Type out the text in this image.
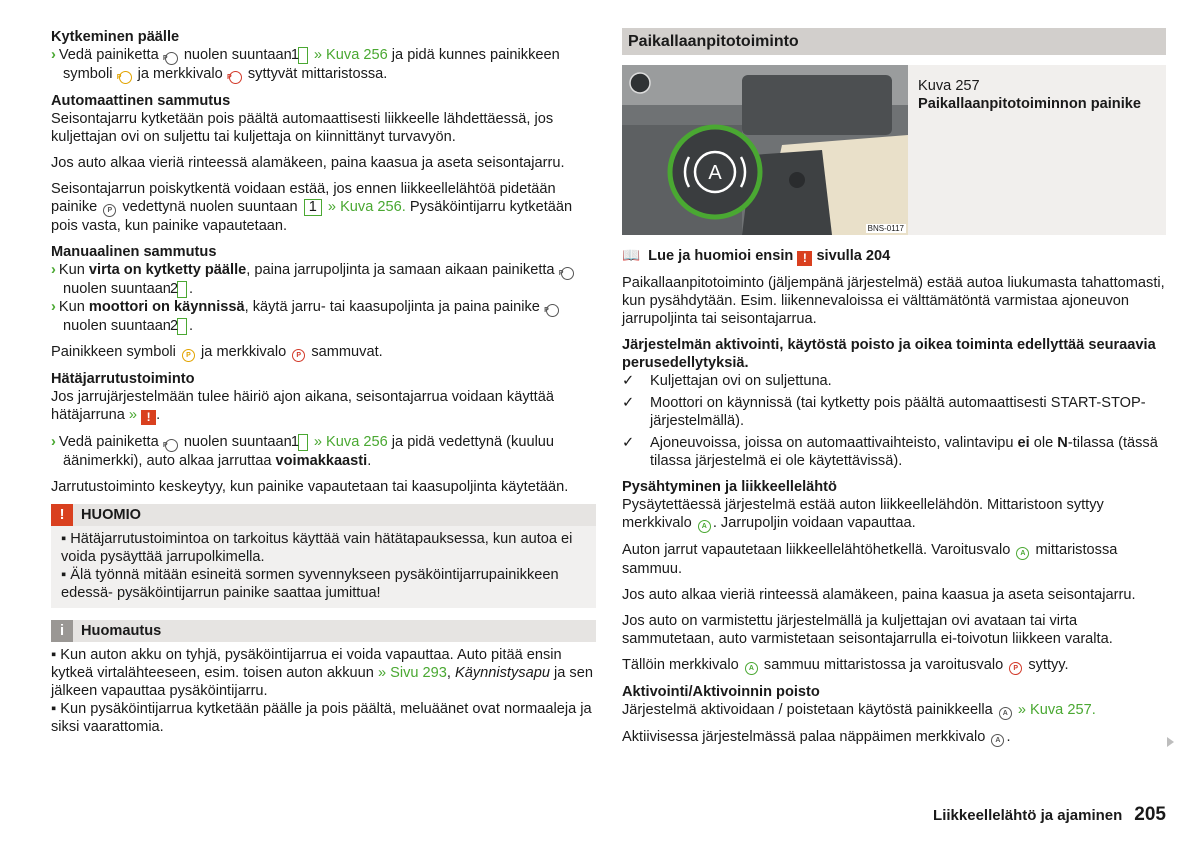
Kytkeminen päälle

› Vedä painiketta P nuolen suuntaan 1 » Kuva 256 ja pidä kunnes painikkeen symboli P ja merkkivalo P syttyvät mittaristossa.

Automaattinen sammutus

Seisontajarru kytketään pois päältä automaattisesti liikkeelle lähdettäessä, jos kuljettajan ovi on suljettu tai kuljettaja on kiinnittänyt turvavyön.

Jos auto alkaa vieriä rinteessä alamäkeen, paina kaasua ja aseta seisontajarru.

Seisontajarrun poiskytkentä voidaan estää, jos ennen liikkeellelähtöä pidetään painike P vedettynä nuolen suuntaan 1 » Kuva 256. Pysäköintijarru kytketään pois vasta, kun painike vapautetaan.

Manuaalinen sammutus

› Kun virta on kytketty päälle, paina jarrupoljinta ja samaan aikaan painiketta P nuolen suuntaan 2 .

› Kun moottori on käynnissä, käytä jarru- tai kaasupoljinta ja paina painike P nuolen suuntaan 2 .

Painikkeen symboli P ja merkkivalo P sammuvat.

Hätäjarrutustoiminto

Jos jarrujärjestelmään tulee häiriö ajon aikana, seisontajarrua voidaan käyttää hätäjarruna » ! .

› Vedä painiketta P nuolen suuntaan 1 » Kuva 256 ja pidä vedettynä (kuuluu äänimerkki), auto alkaa jarruttaa voimakkaasti.

Jarrutustoiminto keskeytyy, kun painike vapautetaan tai kaasupoljinta käytetään.

!	HUOMIO
▪ Hätäjarrutustoimintoa on tarkoitus käyttää vain hätätapauksessa, kun autoa ei voida pysäyttää jarrupolkimella.
▪ Älä työnnä mitään esineitä sormen syvennykseen pysäköintijarrupainikkeen edessä- pysäköintijarrun painike saattaa jumittua!
i	Huomautus
▪ Kun auton akku on tyhjä, pysäköintijarrua ei voida vapauttaa. Auto pitää ensin kytkeä virtalähteeseen, esim. toisen auton akkuun » Sivu 293, Käynnistysapu ja sen jälkeen vapauttaa pysäköintijarru.
▪ Kun pysäköintijarrua kytketään päälle ja pois päältä, meluäänet ovat normaaleja ja siksi vaarattomia.
Paikallaanpitotoiminto
A
BNS-0117
Kuva 257
Paikallaanpitotoiminnon painike

📖 Lue ja huomioi ensin ! sivulla 204

Paikallaanpitotoiminto (jäljempänä järjestelmä) estää autoa liukumasta tahattomasti, kun pysähdytään. Esim. liikennevaloissa ei välttämätöntä varmistaa ajoneuvon jarrupoljinta tai seisontajarrua.

Järjestelmän aktivointi, käytöstä poisto ja oikea toiminta edellyttää seuraavia perusedellytyksiä.

✓ Kuljettajan ovi on suljettuna.
✓ Moottori on käynnissä (tai kytketty pois päältä automaattisesti START-STOP-järjestelmällä).
✓ Ajoneuvoissa, joissa on automaattivaihteisto, valintavipu ei ole N-tilassa (tässä tilassa järjestelmä ei ole käytettävissä).

Pysähtyminen ja liikkeellelähtö

Pysäytettäessä järjestelmä estää auton liikkeellelähdön. Mittaristoon syttyy merkkivalo A . Jarrupoljin voidaan vapauttaa.

Auton jarrut vapautetaan liikkeellelähtöhetkellä. Varoitusvalo A mittaristossa sammuu.

Jos auto alkaa vieriä rinteessä alamäkeen, paina kaasua ja aseta seisontajarru.

Jos auto on varmistettu järjestelmällä ja kuljettajan ovi avataan tai virta sammutetaan, auto varmistetaan seisontajarrulla ei-toivotun liikkeen varalta.

Tällöin merkkivalo A sammuu mittaristossa ja varoitusvalo P syttyy.

Aktivointi/Aktivoinnin poisto

Järjestelmä aktivoidaan / poistetaan käytöstä painikkeella A » Kuva 257.

Aktiivisessa järjestelmässä palaa näppäimen merkkivalo A .

Liikkeellelähtö ja ajaminen 205
